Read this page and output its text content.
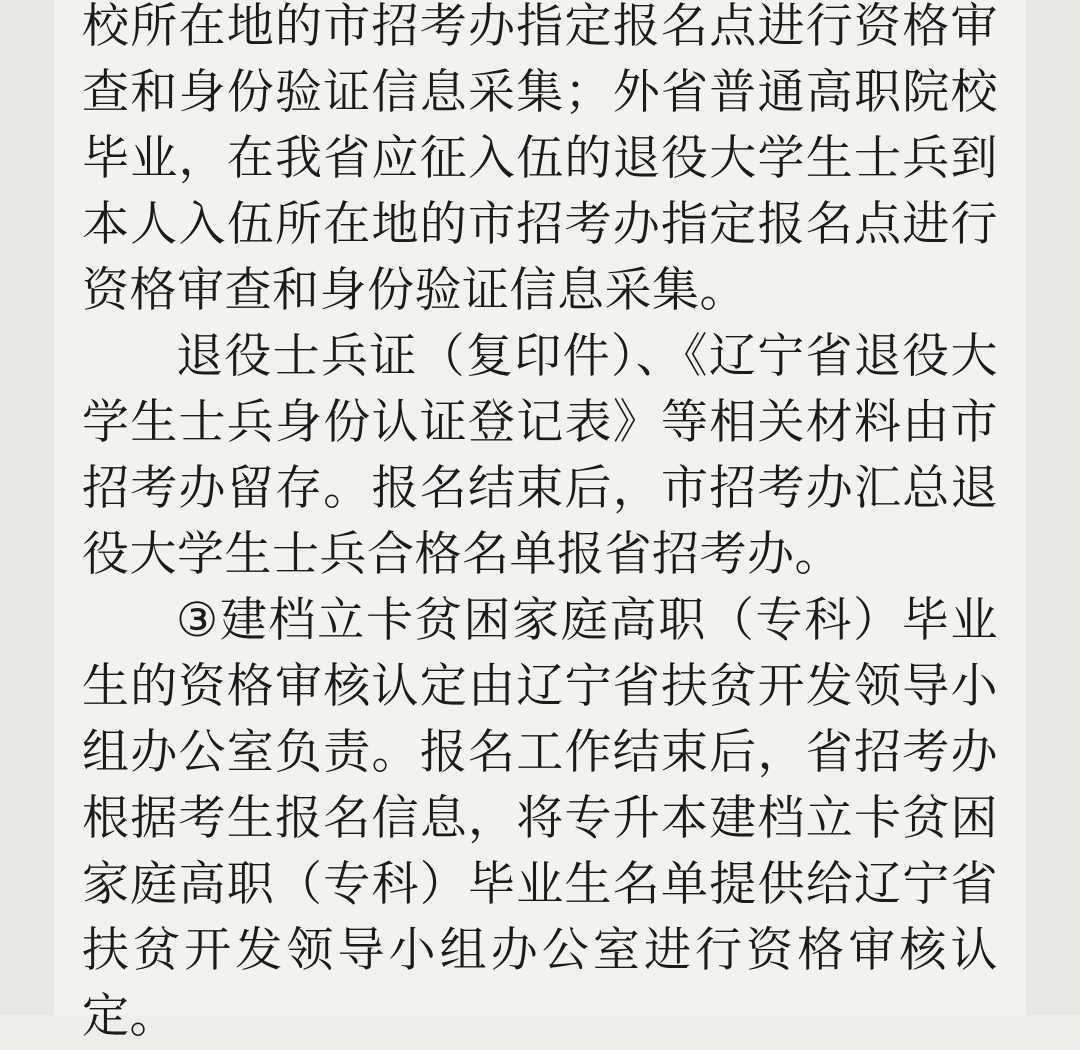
校所在地的市招考办指定报名点进行资格审查和身份验证信息采集；外省普通高职院校毕业，在我省应征入伍的退役大学生士兵到本人入伍所在地的市招考办指定报名点进行资格审查和身份验证信息采集。

退役士兵证（复印件）、《辽宁省退役大学生士兵身份认证登记表》等相关材料由市招考办留存。报名结束后，市招考办汇总退役大学生士兵合格名单报省招考办。

③建档立卡贫困家庭高职（专科）毕业生的资格审核认定由辽宁省扶贫开发领导小组办公室负责。报名工作结束后，省招考办根据考生报名信息，将专升本建档立卡贫困家庭高职（专科）毕业生名单提供给辽宁省扶贫开发领导小组办公室进行资格审核认定。
